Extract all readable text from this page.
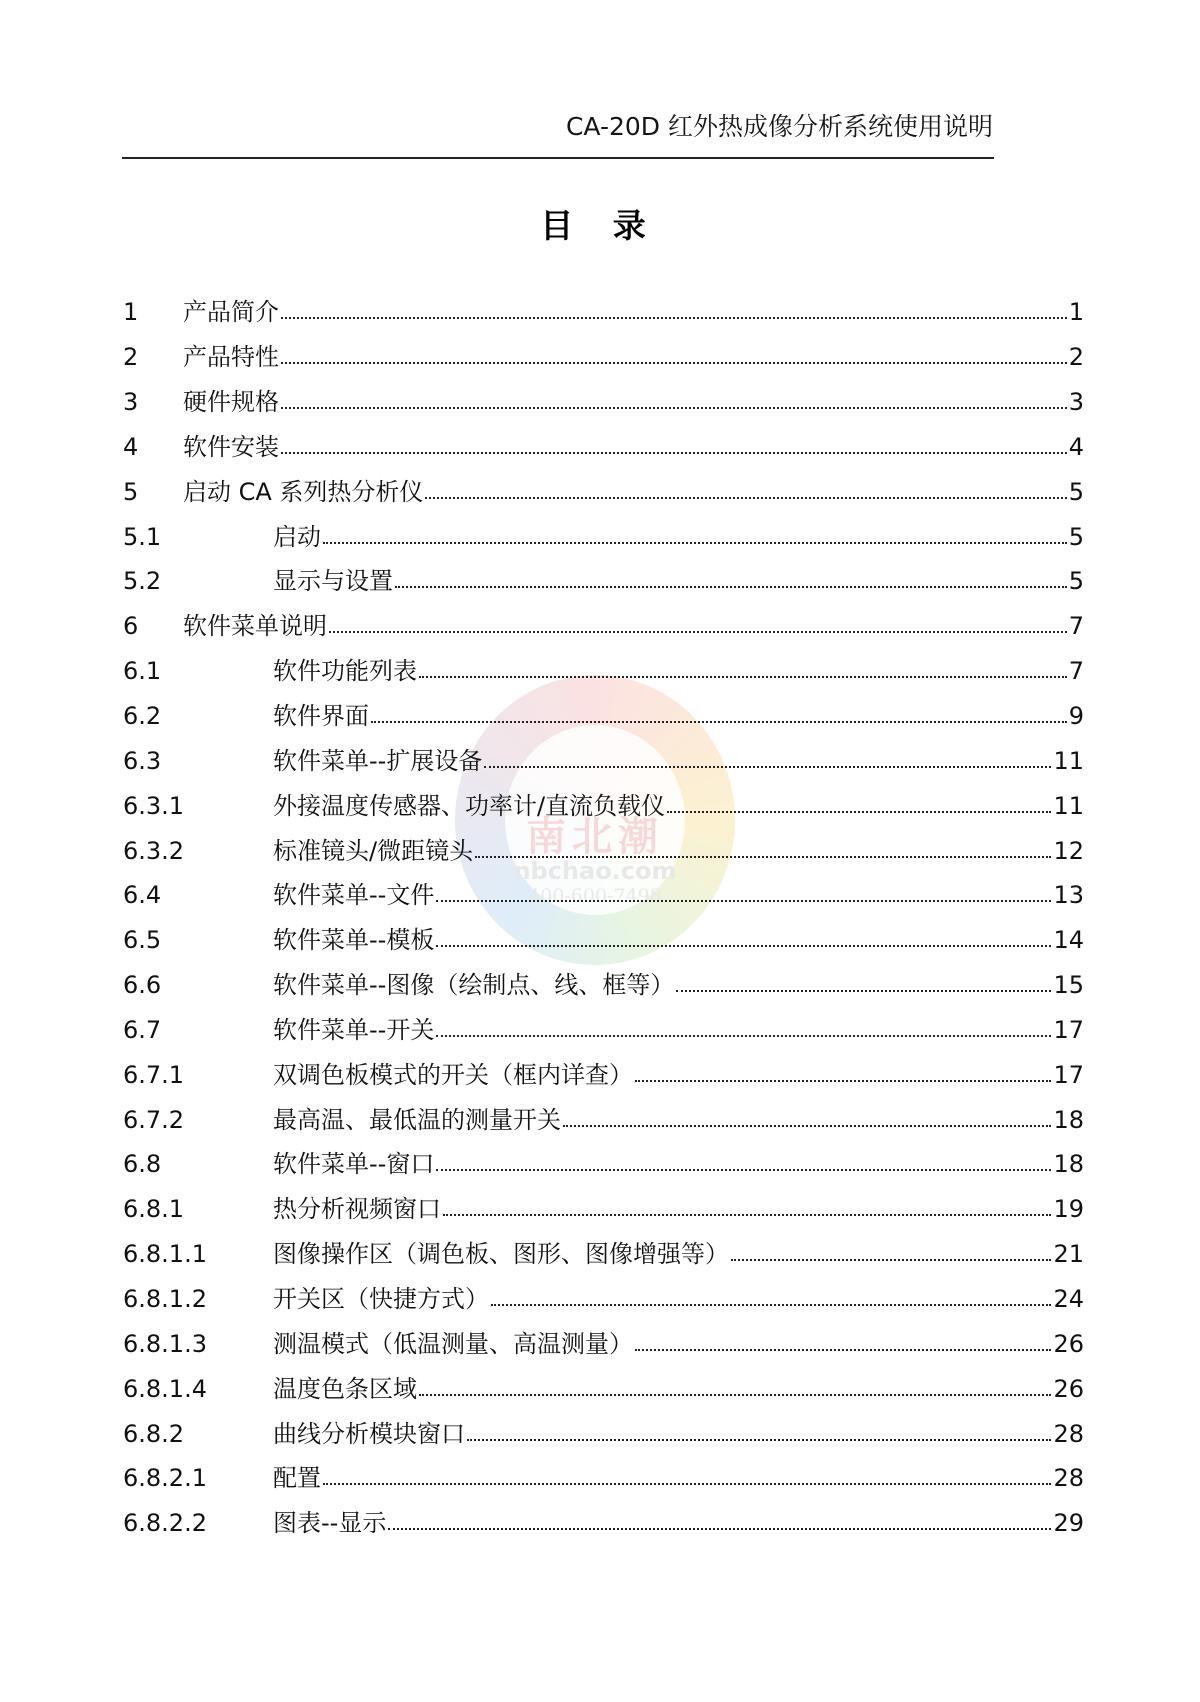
CA-20D 红外热成像分析系统使用说明
目 录
南北潮
nbchao.com
400-600-7498
1 产品简介	1
2 产品特性	2
3 硬件规格	3
4 软件安装	4
5 启动 CA 系列热分析仪	5
5.1	启动	5
5.2	显示与设置	5
6 软件菜单说明	7
6.1	软件功能列表	7
6.2	软件界面	9
6.3	软件菜单--扩展设备	11
6.3.1	外接温度传感器、功率计/直流负载仪	11
6.3.2	标准镜头/微距镜头	12
6.4	软件菜单--文件	13
6.5	软件菜单--模板	14
6.6	软件菜单--图像（绘制点、线、框等）	15
6.7	软件菜单--开关	17
6.7.1	双调色板模式的开关（框内详查）	17
6.7.2	最高温、最低温的测量开关	18
6.8	软件菜单--窗口	18
6.8.1	热分析视频窗口	19
6.8.1.1	图像操作区（调色板、图形、图像增强等）	21
6.8.1.2	开关区（快捷方式）	24
6.8.1.3	测温模式（低温测量、高温测量）	26
6.8.1.4	温度色条区域	26
6.8.2	曲线分析模块窗口	28
6.8.2.1	配置	28
6.8.2.2	图表--显示	29
